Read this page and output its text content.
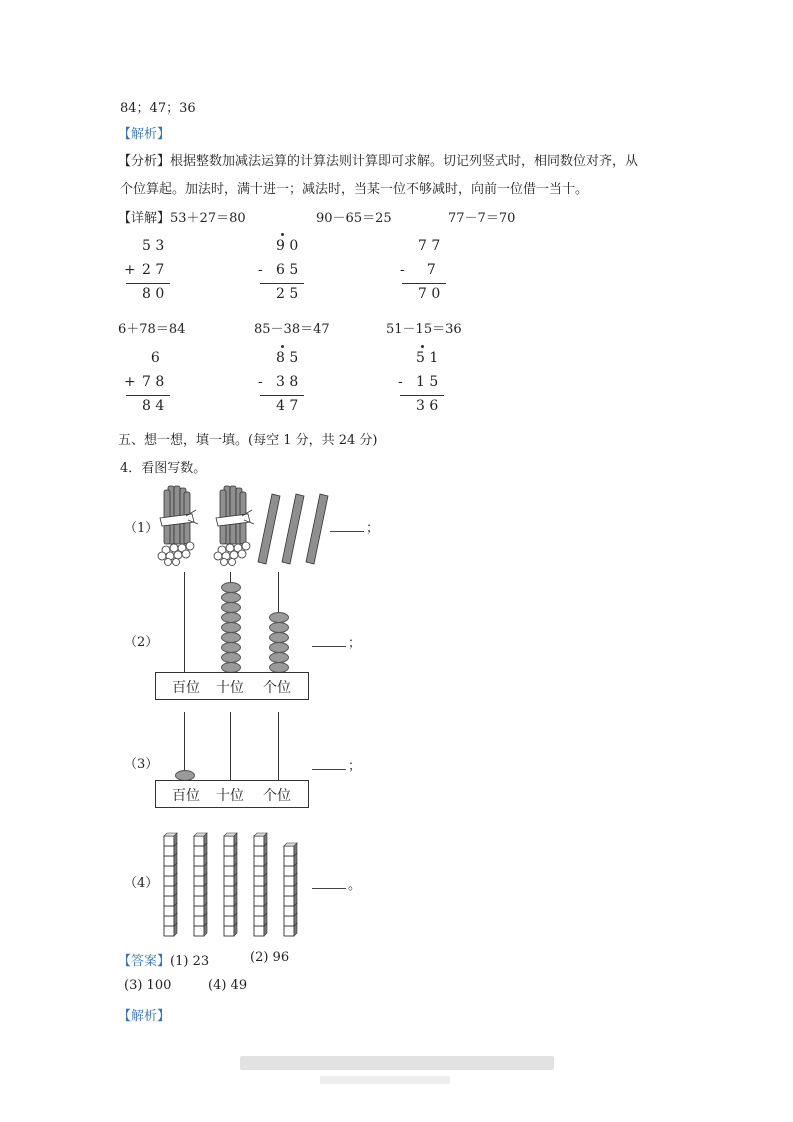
84；47；36
【解析】
【分析】根据整数加减法运算的计算法则计算即可求解。切记列竖式时，相同数位对齐，从
个位算起。加法时，满十进一；减法时，当某一位不够减时，向前一位借一当十。
【详解】53＋27＝80	90－65＝25	77－7＝70
5 3
+ 2 7
8 0
9 0
- 6 5
2 5
7 7
- 7
7 0
6＋78＝84	85－38＝47	51－15＝36
6
+ 7 8
8 4
8 5
- 3 8
4 7
5 1
- 1 5
3 6
五、想一想，填一填。(每空 1 分，共 24 分)
4．看图写数。
（1）	；
（2）
百位 十位 个位
；
（3）
百位 十位 个位
；
（4）	。
【答案】(1) 23	(2) 96
(3) 100	(4) 49
【解析】
